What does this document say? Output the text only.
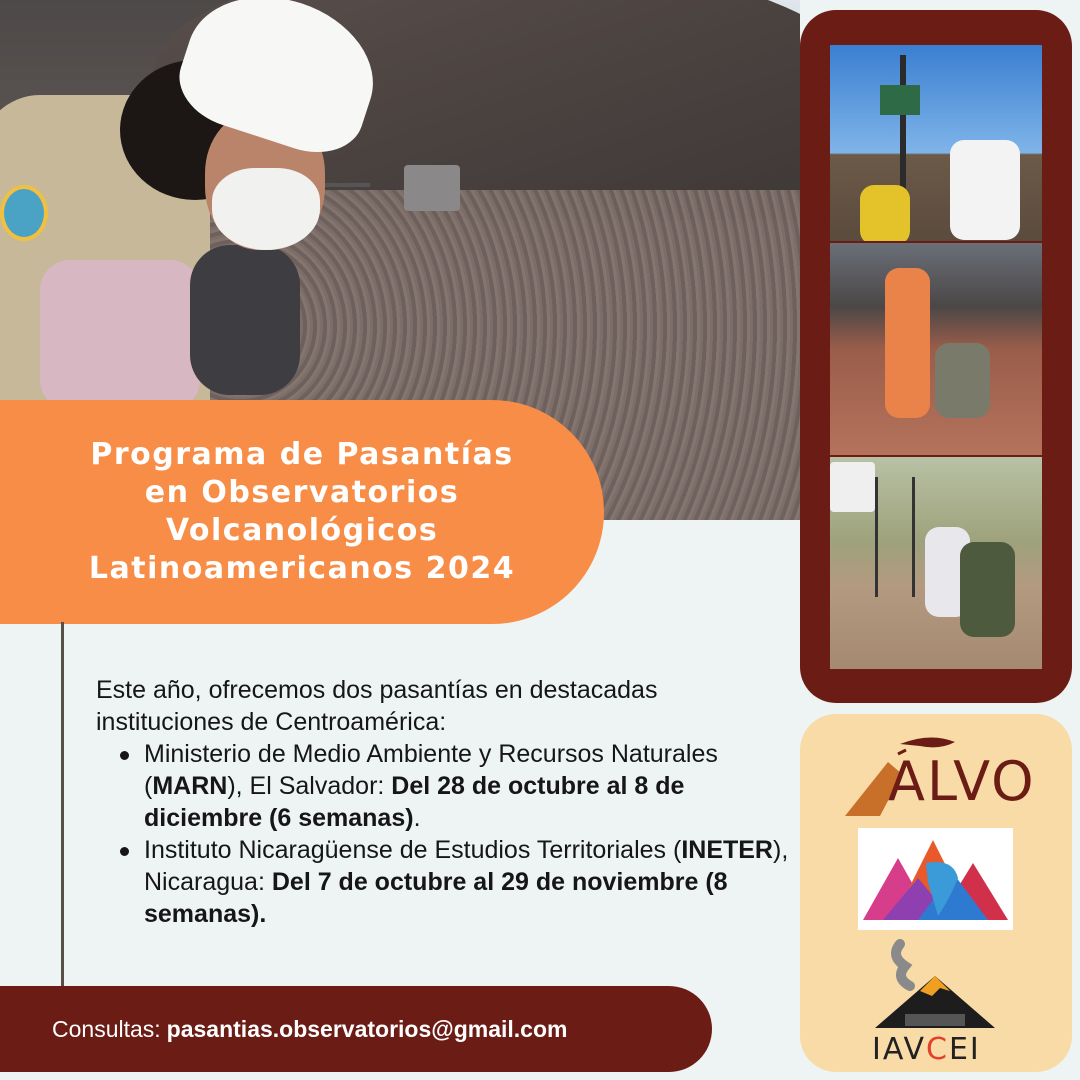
Programa de Pasantías
en Observatorios
Volcanológicos
Latinoamericanos 2024

Este año, ofrecemos dos pasantías en destacadas instituciones de Centroamérica:

Ministerio de Medio Ambiente y Recursos Naturales (MARN), El Salvador: Del 28 de octubre al 8 de diciembre (6 semanas).
Instituto Nicaragüense de Estudios Territoriales (INETER), Nicaragua: Del 7 de octubre al 29 de noviembre (8 semanas).
Consultas: pasantias.observatorios@gmail.com
ALVO
IAVCEI
